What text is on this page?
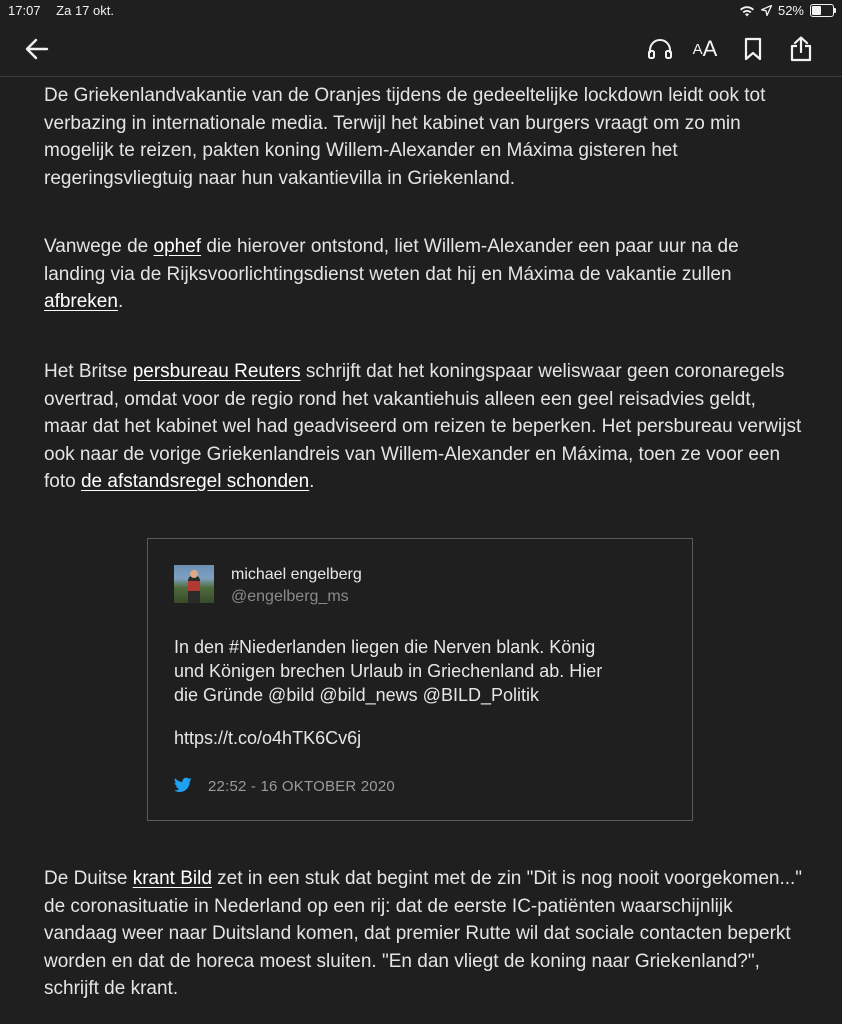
17:07 Za 17 okt.	52%
A A

De Griekenlandvakantie van de Oranjes tijdens de gedeeltelijke lockdown leidt ook tot verbazing in internationale media. Terwijl het kabinet van burgers vraagt om zo min mogelijk te reizen, pakten koning Willem-Alexander en Máxima gisteren het regeringsvliegtuig naar hun vakantievilla in Griekenland.

Vanwege de ophef die hierover ontstond, liet Willem-Alexander een paar uur na de landing via de Rijksvoorlichtingsdienst weten dat hij en Máxima de vakantie zullen afbreken.

Het Britse persbureau Reuters schrijft dat het koningspaar weliswaar geen coronaregels overtrad, omdat voor de regio rond het vakantiehuis alleen een geel reisadvies geldt, maar dat het kabinet wel had geadviseerd om reizen te beperken. Het persbureau verwijst ook naar de vorige Griekenlandreis van Willem-Alexander en Máxima, toen ze voor een foto de afstandsregel schonden.

De Duitse krant Bild zet in een stuk dat begint met de zin "Dit is nog nooit voorgekomen..." de coronasituatie in Nederland op een rij: dat de eerste IC-patiënten waarschijnlijk vandaag weer naar Duitsland komen, dat premier Rutte wil dat sociale contacten beperkt worden en dat de horeca moest sluiten. "En dan vliegt de koning naar Griekenland?", schrijft de krant.

michael engelberg
@engelberg_ms
In den #Niederlanden liegen die Nerven blank. König
und Königen brechen Urlaub in Griechenland ab. Hier
die Gründe @bild @bild_news @BILD_Politik
https://t.co/o4hTK6Cv6j
22:52 - 16 OKTOBER 2020
